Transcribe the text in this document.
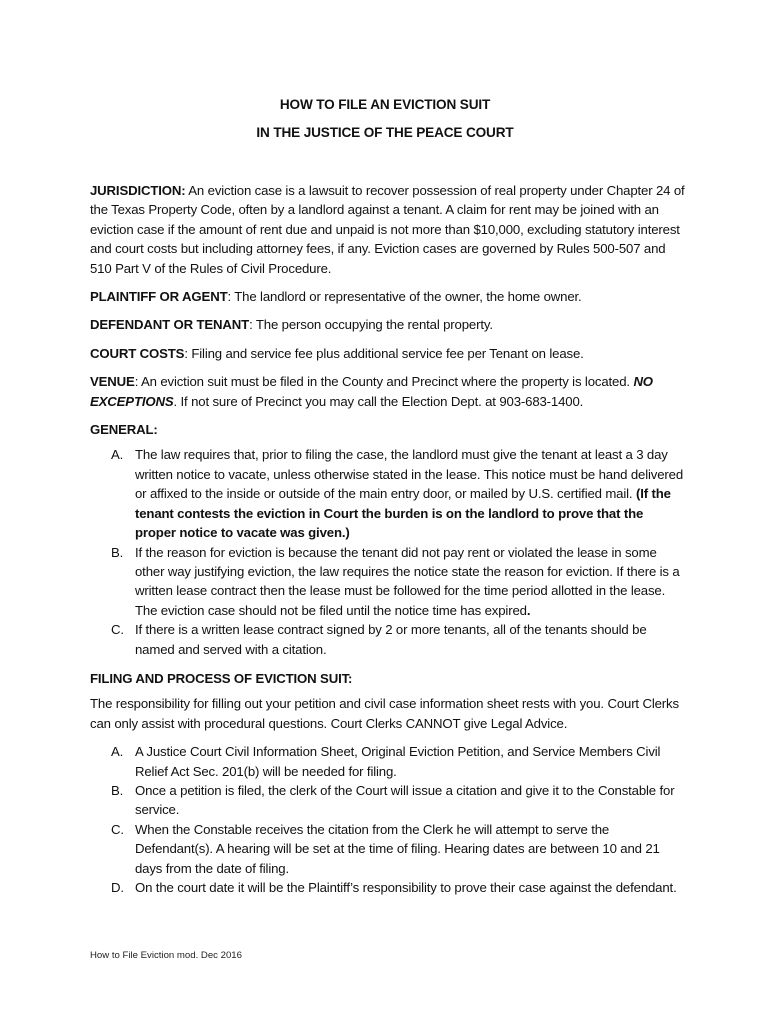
HOW TO FILE AN EVICTION SUIT
IN THE JUSTICE OF THE PEACE COURT

JURISDICTION: An eviction case is a lawsuit to recover possession of real property under Chapter 24 of the Texas Property Code, often by a landlord against a tenant. A claim for rent may be joined with an eviction case if the amount of rent due and unpaid is not more than $10,000, excluding statutory interest and court costs but including attorney fees, if any. Eviction cases are governed by Rules 500-507 and 510 Part V of the Rules of Civil Procedure.

PLAINTIFF OR AGENT: The landlord or representative of the owner, the home owner.

DEFENDANT OR TENANT: The person occupying the rental property.

COURT COSTS: Filing and service fee plus additional service fee per Tenant on lease.

VENUE: An eviction suit must be filed in the County and Precinct where the property is located. NO EXCEPTIONS. If not sure of Precinct you may call the Election Dept. at 903-683-1400.

GENERAL:

A. The law requires that, prior to filing the case, the landlord must give the tenant at least a 3 day written notice to vacate, unless otherwise stated in the lease. This notice must be hand delivered or affixed to the inside or outside of the main entry door, or mailed by U.S. certified mail. (If the tenant contests the eviction in Court the burden is on the landlord to prove that the proper notice to vacate was given.)
B. If the reason for eviction is because the tenant did not pay rent or violated the lease in some other way justifying eviction, the law requires the notice state the reason for eviction. If there is a written lease contract then the lease must be followed for the time period allotted in the lease. The eviction case should not be filed until the notice time has expired.
C. If there is a written lease contract signed by 2 or more tenants, all of the tenants should be named and served with a citation.

FILING AND PROCESS OF EVICTION SUIT:

The responsibility for filling out your petition and civil case information sheet rests with you. Court Clerks can only assist with procedural questions. Court Clerks CANNOT give Legal Advice.

A. A Justice Court Civil Information Sheet, Original Eviction Petition, and Service Members Civil Relief Act Sec. 201(b) will be needed for filing.
B. Once a petition is filed, the clerk of the Court will issue a citation and give it to the Constable for service.
C. When the Constable receives the citation from the Clerk he will attempt to serve the Defendant(s). A hearing will be set at the time of filing. Hearing dates are between 10 and 21 days from the date of filing.
D. On the court date it will be the Plaintiff’s responsibility to prove their case against the defendant.
How to File Eviction mod. Dec 2016
